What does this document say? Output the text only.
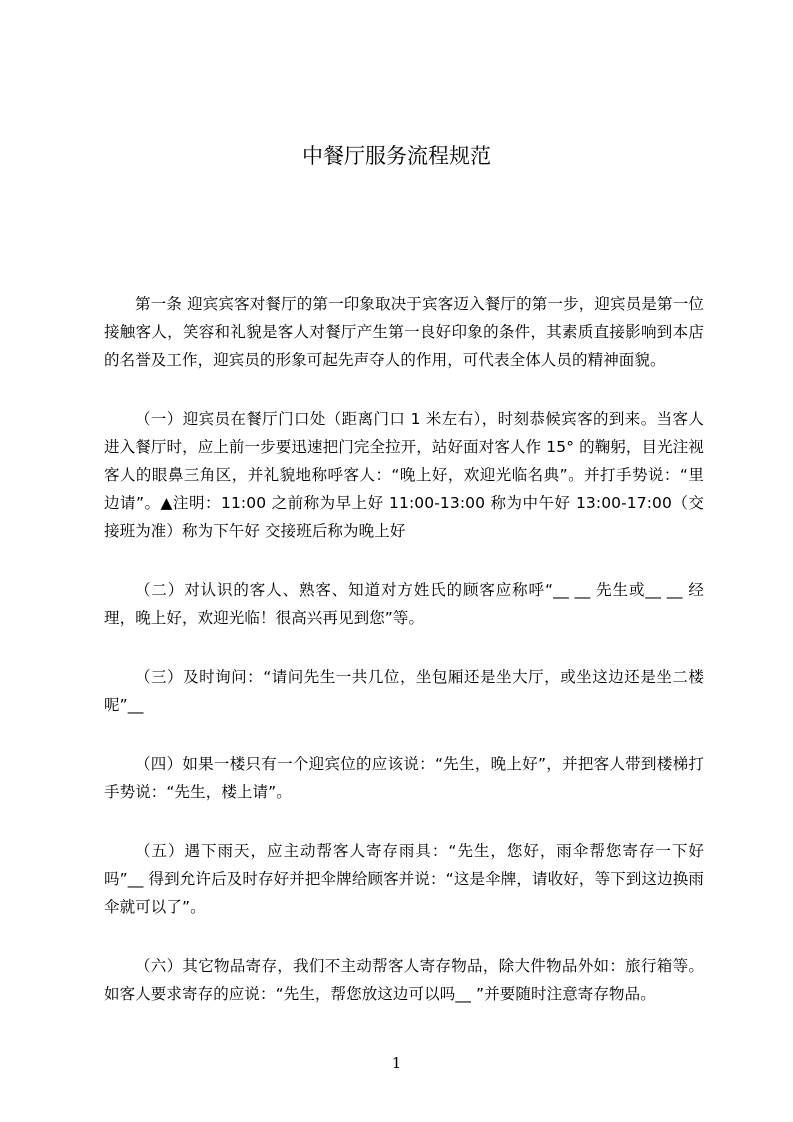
中餐厅服务流程规范

第一条 迎宾宾客对餐厅的第一印象取决于宾客迈入餐厅的第一步，迎宾员是第一位接触客人，笑容和礼貌是客人对餐厅产生第一良好印象的条件，其素质直接影响到本店的名誉及工作，迎宾员的形象可起先声夺人的作用，可代表全体人员的精神面貌。

（一）迎宾员在餐厅门口处（距离门口 1 米左右），时刻恭候宾客的到来。当客人进入餐厅时，应上前一步要迅速把门完全拉开，站好面对客人作 15° 的鞠躬，目光注视客人的眼鼻三角区，并礼貌地称呼客人：“晚上好，欢迎光临名典”。并打手势说：“里边请”。▲注明：11:00 之前称为早上好 11:00-13:00 称为中午好 13:00-17:00（交接班为准）称为下午好 交接班后称为晚上好

（二）对认识的客人、熟客、知道对方姓氏的顾客应称呼“__ __ 先生或__ __ 经理，晚上好，欢迎光临！很高兴再见到您”等。

（三）及时询问：“请问先生一共几位，坐包厢还是坐大厅，或坐这边还是坐二楼呢”__

（四）如果一楼只有一个迎宾位的应该说：“先生，晚上好”，并把客人带到楼梯打手势说：“先生，楼上请”。

（五）遇下雨天，应主动帮客人寄存雨具：“先生，您好，雨伞帮您寄存一下好吗”__ 得到允许后及时存好并把伞牌给顾客并说：“这是伞牌，请收好，等下到这边换雨伞就可以了”。

（六）其它物品寄存，我们不主动帮客人寄存物品，除大件物品外如：旅行箱等。如客人要求寄存的应说：“先生，帮您放这边可以吗__ ”并要随时注意寄存物品。

1
